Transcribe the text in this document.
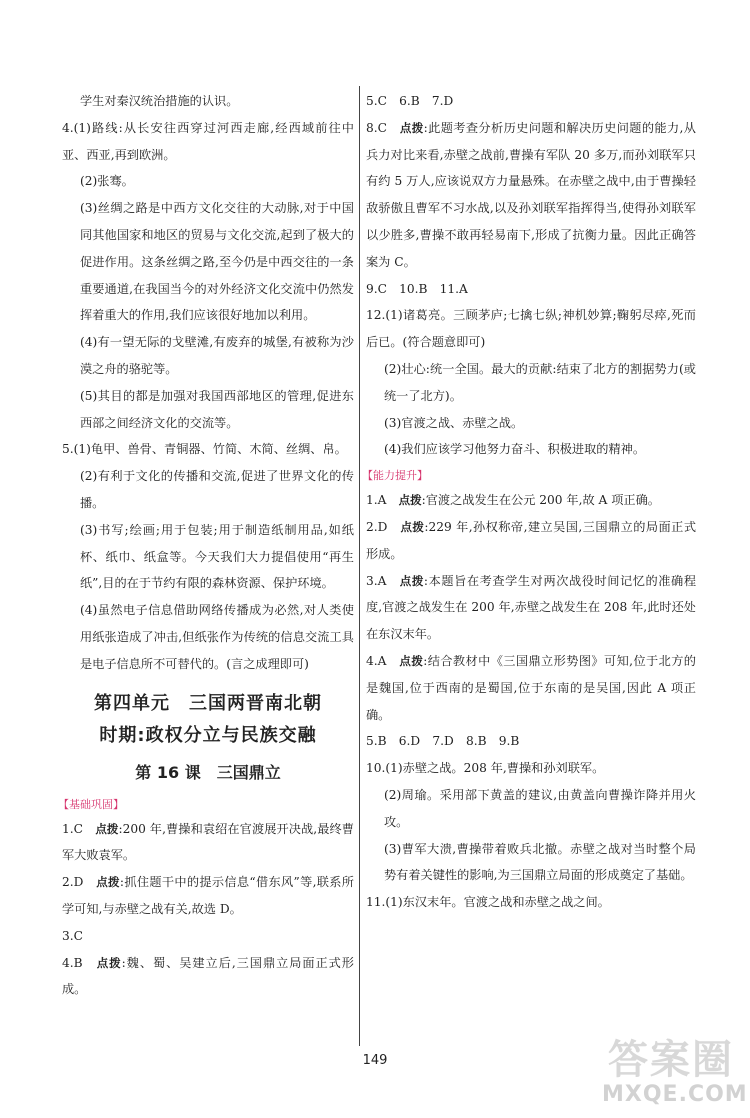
学生对秦汉统治措施的认识。

4.(1)路线:从长安往西穿过河西走廊,经西域前往中亚、西亚,再到欧洲。

(2)张骞。

(3)丝绸之路是中西方文化交往的大动脉,对于中国同其他国家和地区的贸易与文化交流,起到了极大的促进作用。这条丝绸之路,至今仍是中西交往的一条重要通道,在我国当今的对外经济文化交流中仍然发挥着重大的作用,我们应该很好地加以利用。

(4)有一望无际的戈壁滩,有废弃的城堡,有被称为沙漠之舟的骆驼等。

(5)其目的都是加强对我国西部地区的管理,促进东西部之间经济文化的交流等。

5.(1)龟甲、兽骨、青铜器、竹简、木简、丝绸、帛。

(2)有利于文化的传播和交流,促进了世界文化的传播。

(3)书写;绘画;用于包装;用于制造纸制用品,如纸杯、纸巾、纸盒等。今天我们大力提倡使用“再生纸”,目的在于节约有限的森林资源、保护环境。

(4)虽然电子信息借助网络传播成为必然,对人类使用纸张造成了冲击,但纸张作为传统的信息交流工具是电子信息所不可替代的。(言之成理即可)

第四单元　三国两晋南北朝
时期:政权分立与民族交融
第 16 课　三国鼎立
【基础巩固】

1.C　点拨:200 年,曹操和袁绍在官渡展开决战,最终曹军大败袁军。

2.D　点拨:抓住题干中的提示信息“借东风”等,联系所学可知,与赤壁之战有关,故选 D。

3.C

4.B　点拨:魏、蜀、吴建立后,三国鼎立局面正式形成。

5.C　6.B　7.D

8.C　点拨:此题考查分析历史问题和解决历史问题的能力,从兵力对比来看,赤壁之战前,曹操有军队 20 多万,而孙刘联军只有约 5 万人,应该说双方力量悬殊。在赤壁之战中,由于曹操轻敌骄傲且曹军不习水战,以及孙刘联军指挥得当,使得孙刘联军以少胜多,曹操不敢再轻易南下,形成了抗衡力量。因此正确答案为 C。

9.C　10.B　11.A

12.(1)诸葛亮。三顾茅庐;七擒七纵;神机妙算;鞠躬尽瘁,死而后已。(符合题意即可)

(2)壮心:统一全国。最大的贡献:结束了北方的割据势力(或统一了北方)。

(3)官渡之战、赤壁之战。

(4)我们应该学习他努力奋斗、积极进取的精神。

【能力提升】

1.A　点拨:官渡之战发生在公元 200 年,故 A 项正确。

2.D　点拨:229 年,孙权称帝,建立吴国,三国鼎立的局面正式形成。

3.A　点拨:本题旨在考查学生对两次战役时间记忆的准确程度,官渡之战发生在 200 年,赤壁之战发生在 208 年,此时还处在东汉末年。

4.A　点拨:结合教材中《三国鼎立形势图》可知,位于北方的是魏国,位于西南的是蜀国,位于东南的是吴国,因此 A 项正确。

5.B　6.D　7.D　8.B　9.B

10.(1)赤壁之战。208 年,曹操和孙刘联军。

(2)周瑜。采用部下黄盖的建议,由黄盖向曹操诈降并用火攻。

(3)曹军大溃,曹操带着败兵北撤。赤壁之战对当时整个局势有着关键性的影响,为三国鼎立局面的形成奠定了基础。

11.(1)东汉末年。官渡之战和赤壁之战之间。

149	答案圈
MXQE.COM
